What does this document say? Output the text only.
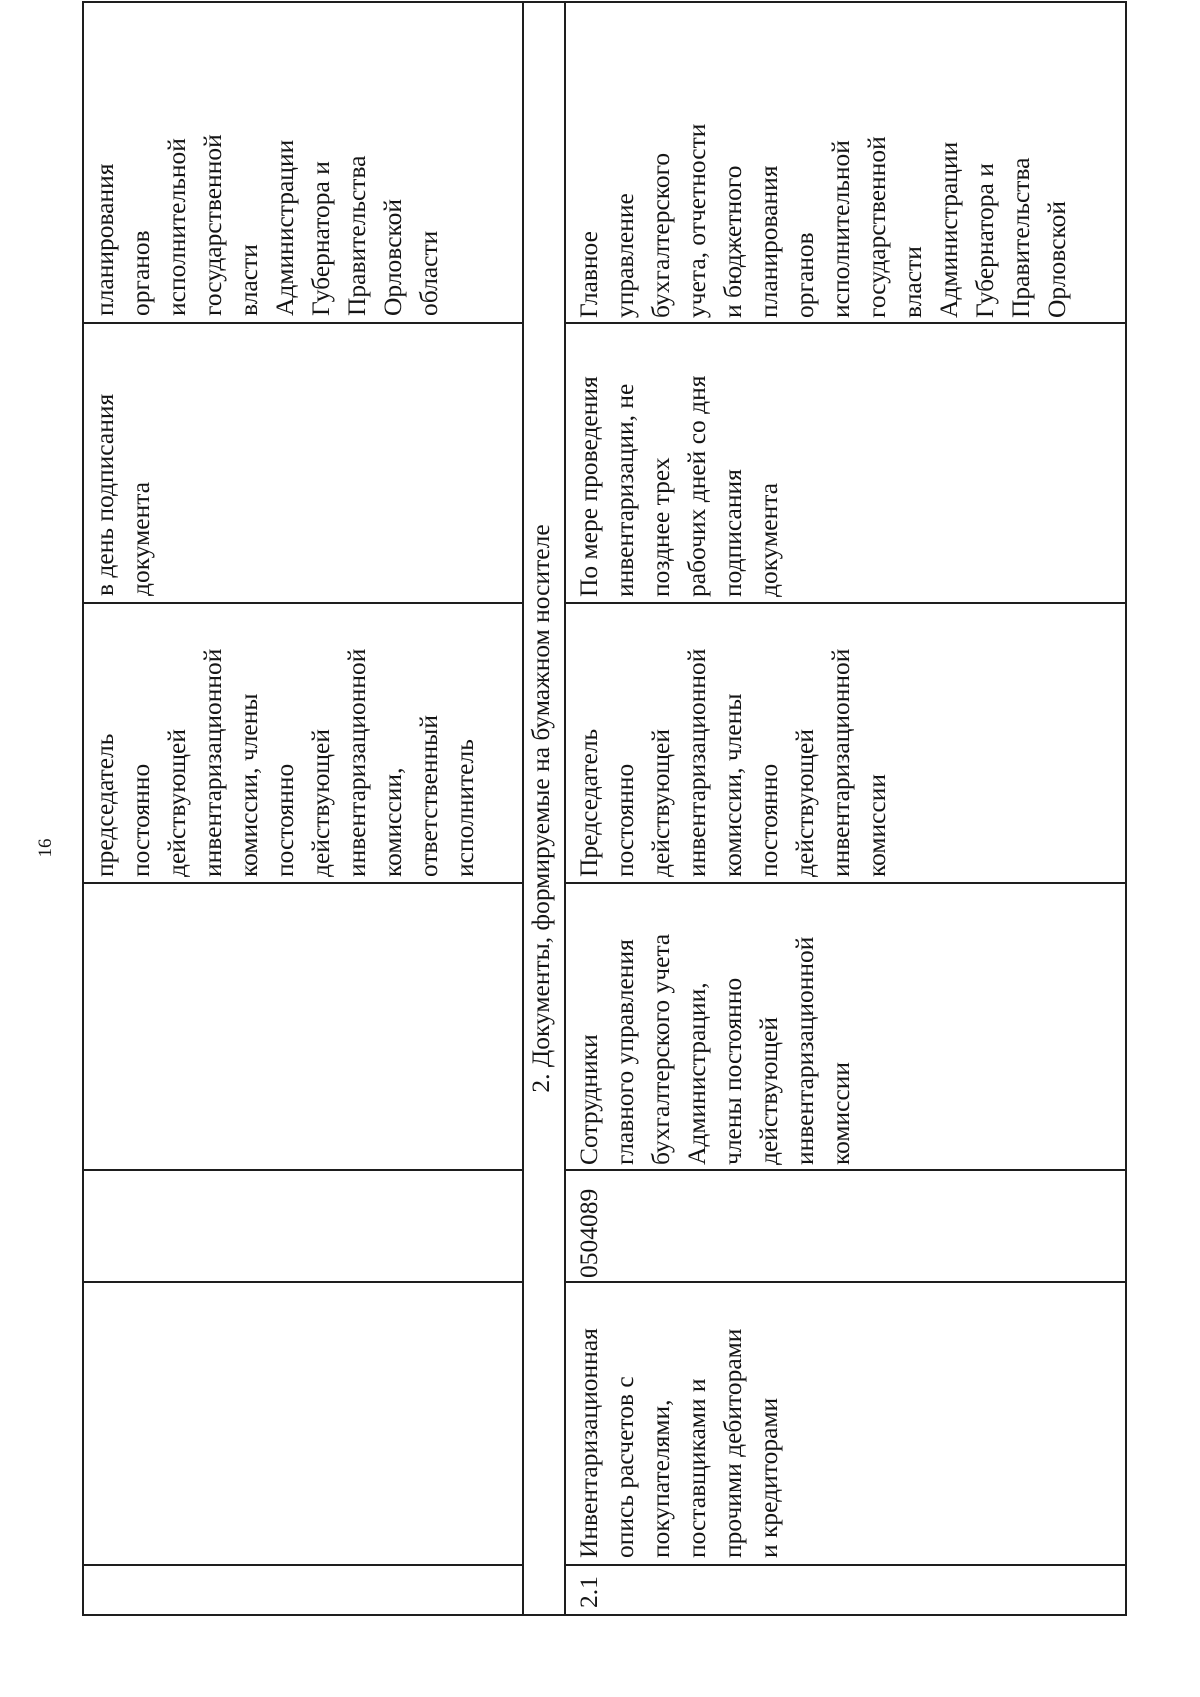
16 председатель
постоянно
действующей
инвентаризационной
комиссии, члены
постоянно
действующей
инвентаризационной
комиссии,
ответственный
исполнитель
в день подписания
документа
планирования
органов
исполнительной
государственной
власти
Администрации
Губернатора и
Правительства
Орловской
области
2. Документы, формируемые на бумажном носителе
2.1
Инвентаризационная
опись расчетов с
покупателями,
поставщиками и
прочими дебиторами
и кредиторами
0504089
Сотрудники
главного управления
бухгалтерского учета
Администрации,
члены постоянно
действующей
инвентаризационной
комиссии
Председатель
постоянно
действующей
инвентаризационной
комиссии, члены
постоянно
действующей
инвентаризационной
комиссии
По мере проведения
инвентаризации, не
позднее трех
рабочих дней со дня
подписания
документа
Главное
управление
бухгалтерского
учета, отчетности
и бюджетного
планирования
органов
исполнительной
государственной
власти
Администрации
Губернатора и
Правительства
Орловской
